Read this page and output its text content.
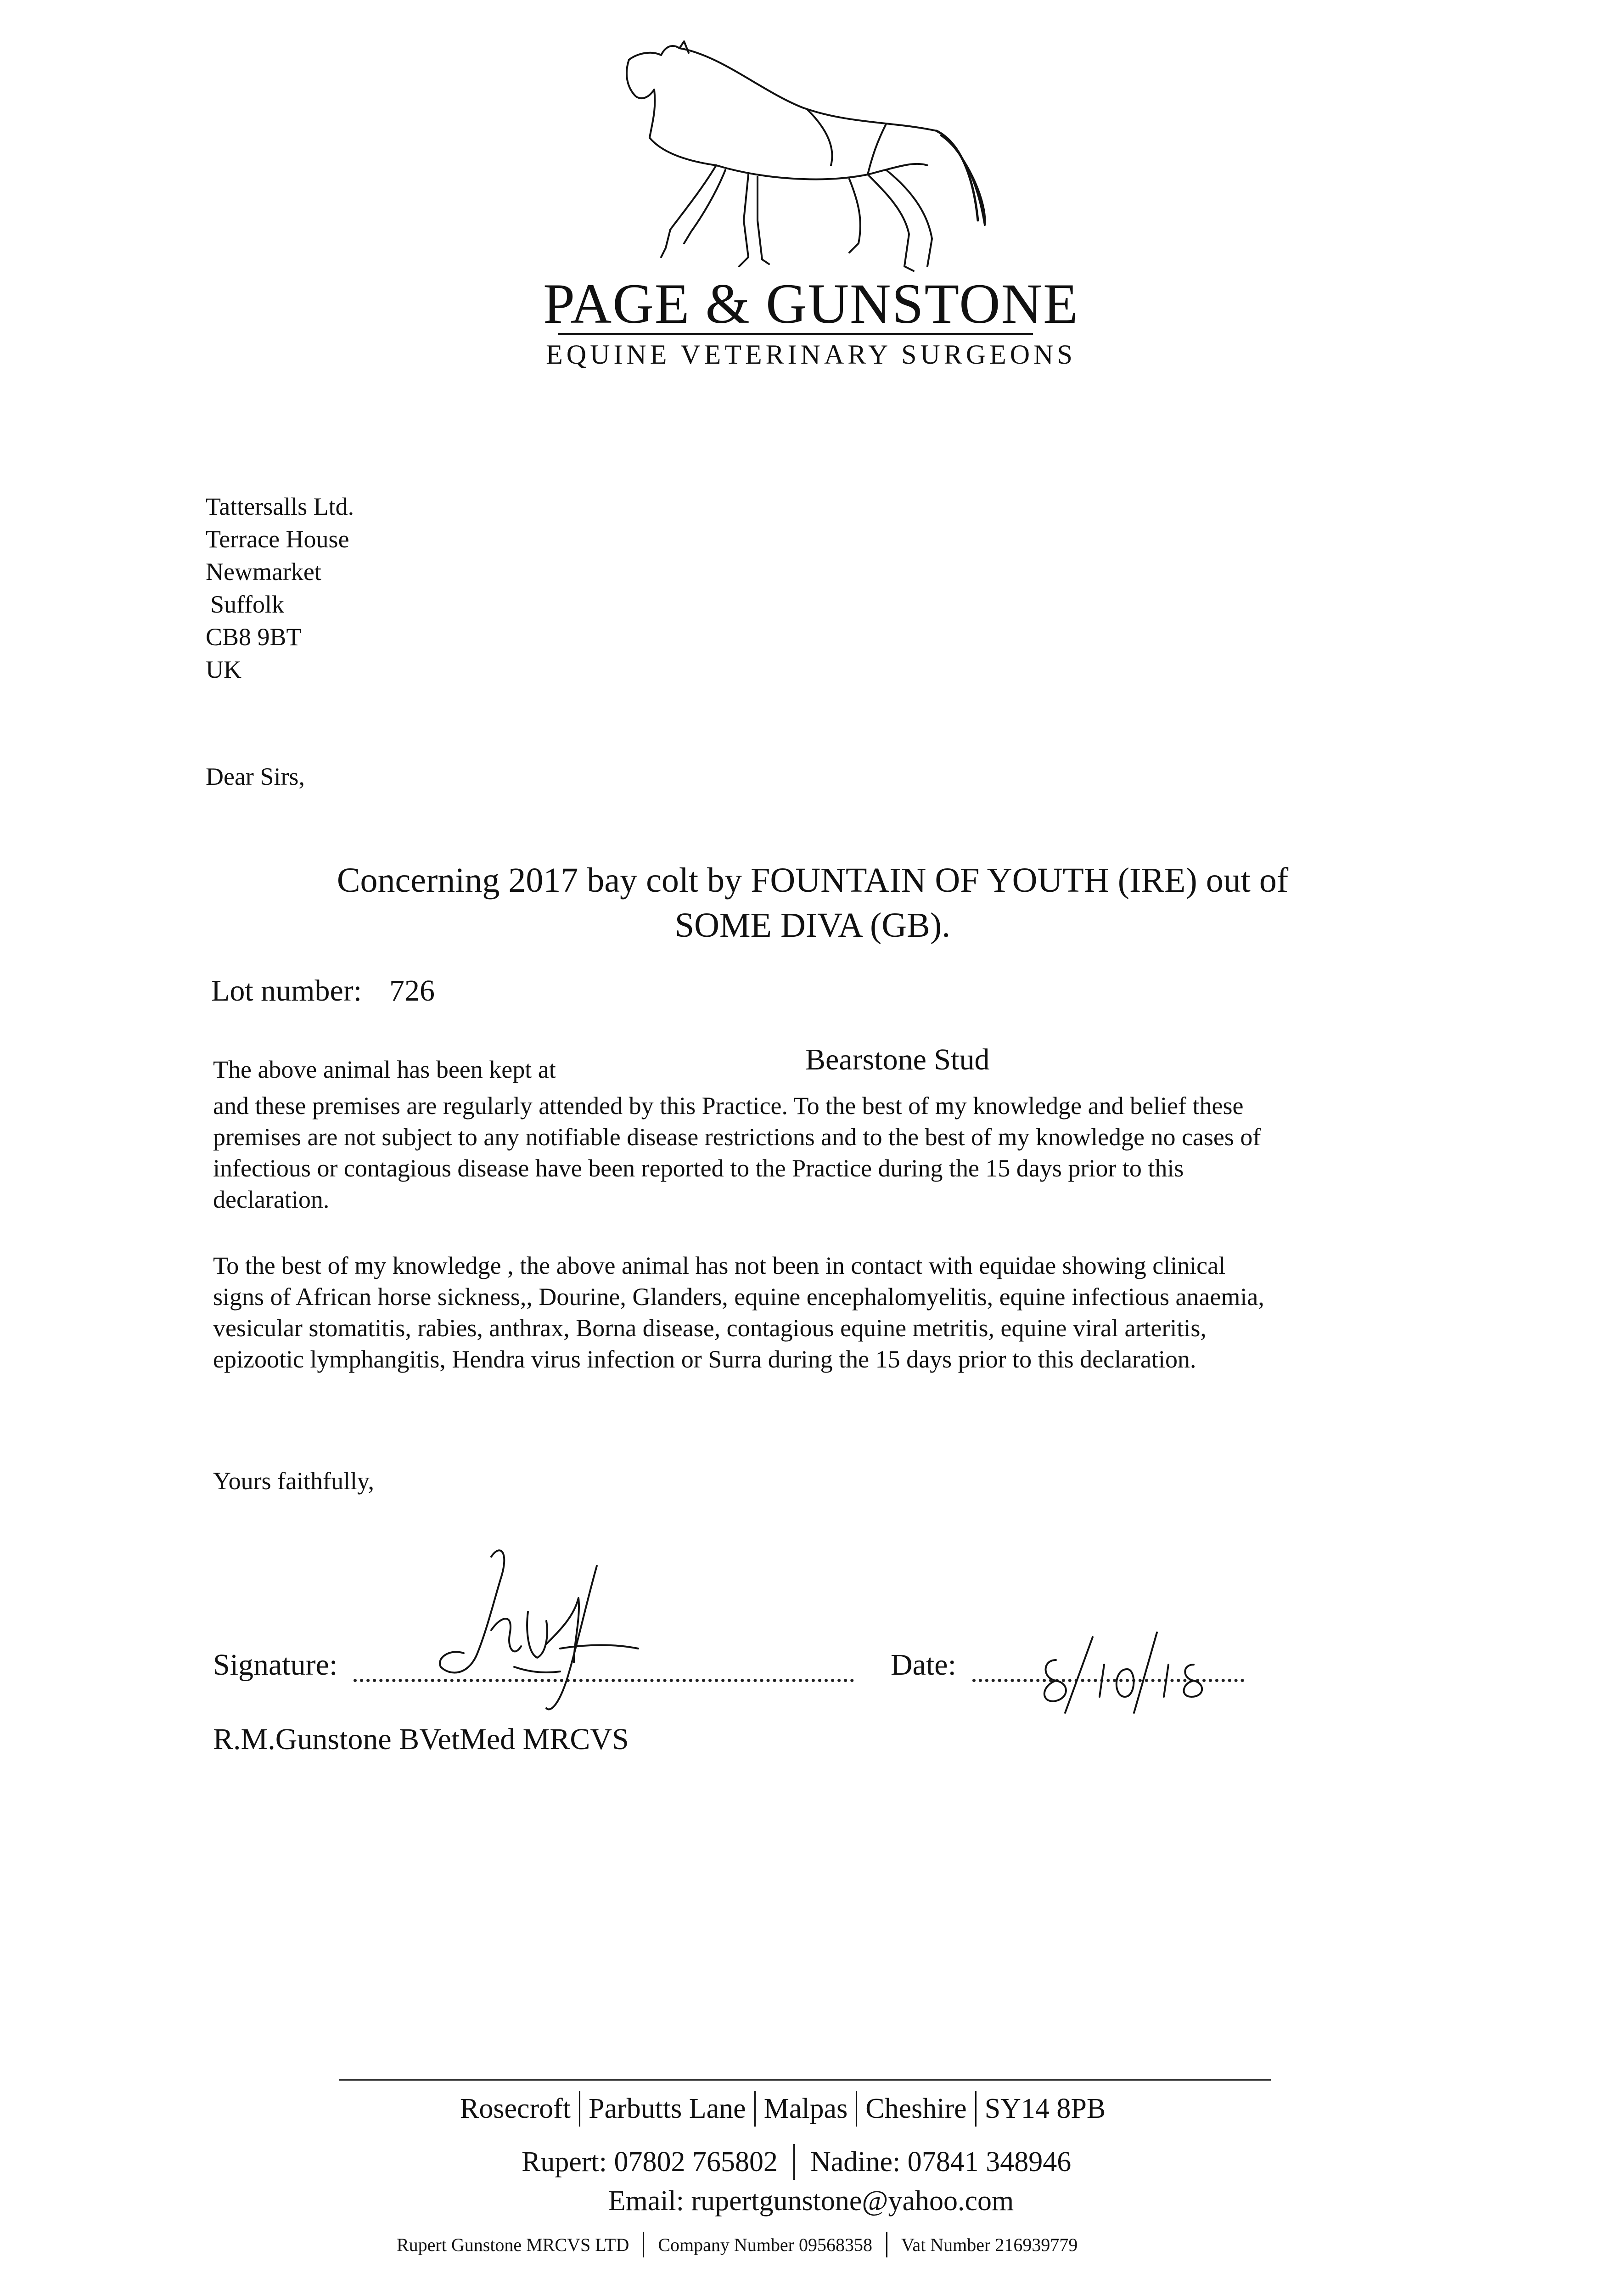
PAGE & GUNSTONE
EQUINE VETERINARY SURGEONS
Tattersalls Ltd.
Terrace House
Newmarket
Suffolk
CB8 9BT
UK
Dear Sirs,
Concerning 2017 bay colt by FOUNTAIN OF YOUTH (IRE) out of
SOME DIVA (GB).
Lot number: 726
The above animal has been kept at	Bearstone Stud
and these premises are regularly attended by this Practice. To the best of my knowledge and belief these
premises are not subject to any notifiable disease restrictions and to the best of my knowledge no cases of
infectious or contagious disease have been reported to the Practice during the 15 days prior to this
declaration.
To the best of my knowledge , the above animal has not been in contact with equidae showing clinical
signs of African horse sickness,, Dourine, Glanders, equine encephalomyelitis, equine infectious anaemia,
vesicular stomatitis, rabies, anthrax, Borna disease, contagious equine metritis, equine viral arteritis,
epizootic lymphangitis, Hendra virus infection or Surra during the 15 days prior to this declaration.
Yours faithfully,
Signature:	Date:
R.M.Gunstone BVetMed MRCVS
Rosecroft Parbutts Lane Malpas Cheshire SY14 8PB
Rupert: 07802 765802 Nadine: 07841 348946
Email: rupertgunstone@yahoo.com
Rupert Gunstone MRCVS LTD Company Number 09568358 Vat Number 216939779
